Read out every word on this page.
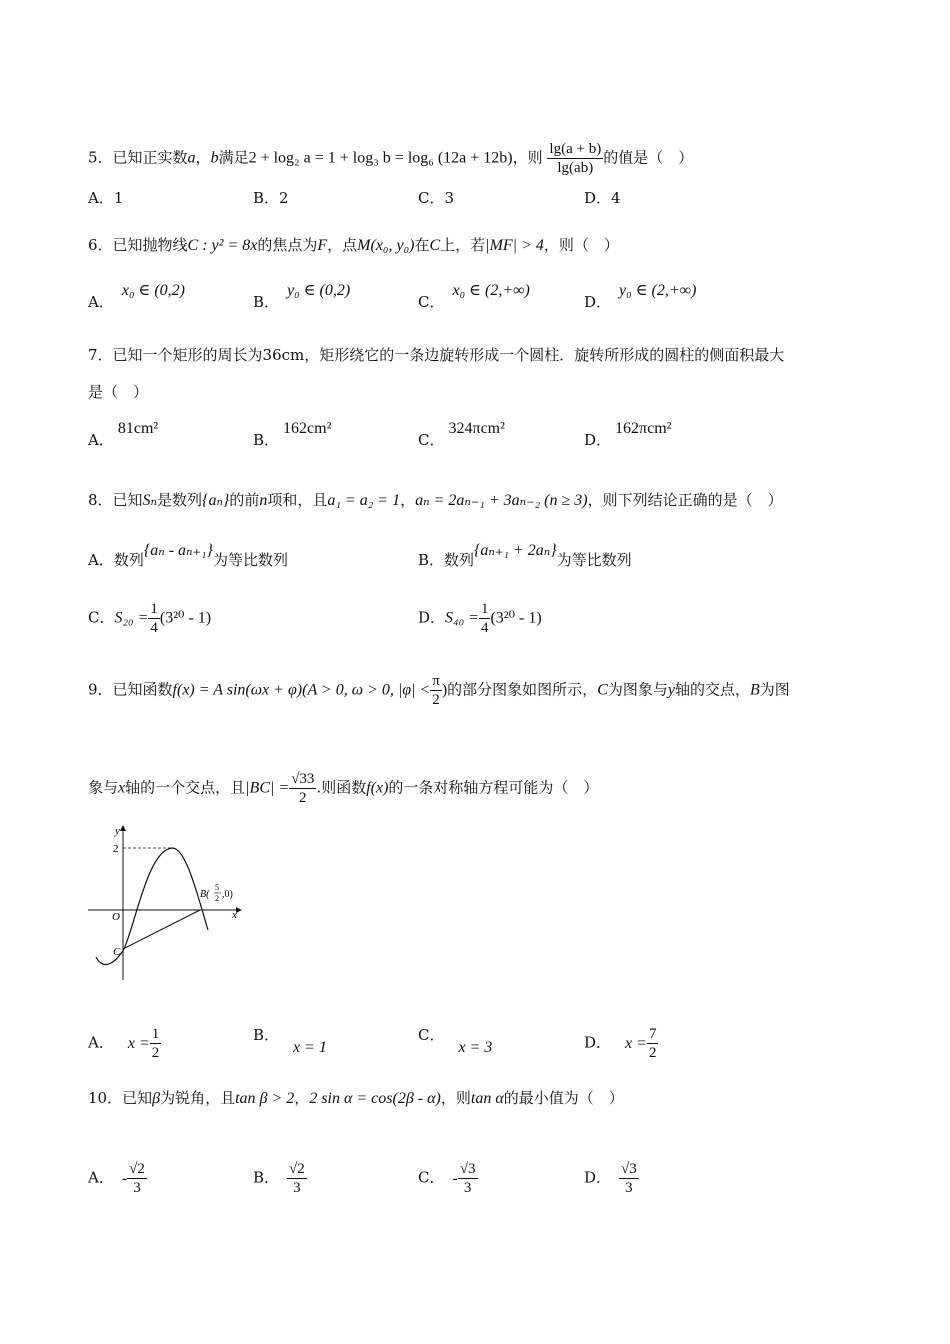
5．已知正实数a，b满足2 + log₂ a = 1 + log₃ b = log₆ (12a + 12b)，则 $\frac{\lg(a + b)}{\lg(ab)}$ 的值是（　）
A．1	B．2	C．3	D．4
6．已知抛物线C : y² = 8x的焦点为F，点M(x₀, y₀)在C上，若|MF| > 4，则（　）
A．x₀ ∈ (0,2)
B．y₀ ∈ (0,2)
C．x₀ ∈ (2,+∞)
D．y₀ ∈ (2,+∞)
7．已知一个矩形的周长为36cm，矩形绕它的一条边旋转形成一个圆柱．旋转所形成的圆柱的侧面积最大
是（　）
A．81cm²
B．162cm²
C．324πcm²
D．162πcm²
8．已知Sₙ是数列{aₙ}的前n项和，且a₁ = a₂ = 1，aₙ = 2aₙ₋₁ + 3aₙ₋₂ (n ≥ 3)，则下列结论正确的是（　）
A．数列{aₙ - aₙ₊₁}为等比数列	B．数列{aₙ₊₁ + 2aₙ}为等比数列
C．$S_{20} = \frac{1}{4} (3^{20} - 1)$	D．$S_{40} = \frac{1}{4} (3^{20} - 1)$
9．已知函数f(x) = A sin(ωx + φ)(A > 0, ω > 0, $|\varphi| < \frac{\pi}{2}$ )的部分图象如图所示，C为图象与y轴的交点，B为图
象与x轴的一个交点，且$|BC| = \frac{√33}{2}$ .则函数f(x)的一条对称轴方程可能为（　）
y
x
O
C
2
B(
5
2 ,0)
A． $x = \frac{1}{2}$	B．x = 1
C．x = 3	D． $x = \frac{7}{2}$
10．已知β为锐角，且tan β > 2，2 sin α = cos(2β - α)，则tan α的最小值为（　）
A． - $\frac{√2}{3}$	B． $\frac{√2}{3}$	C． - $\frac{√3}{3}$	D． $\frac{√3}{3}$
